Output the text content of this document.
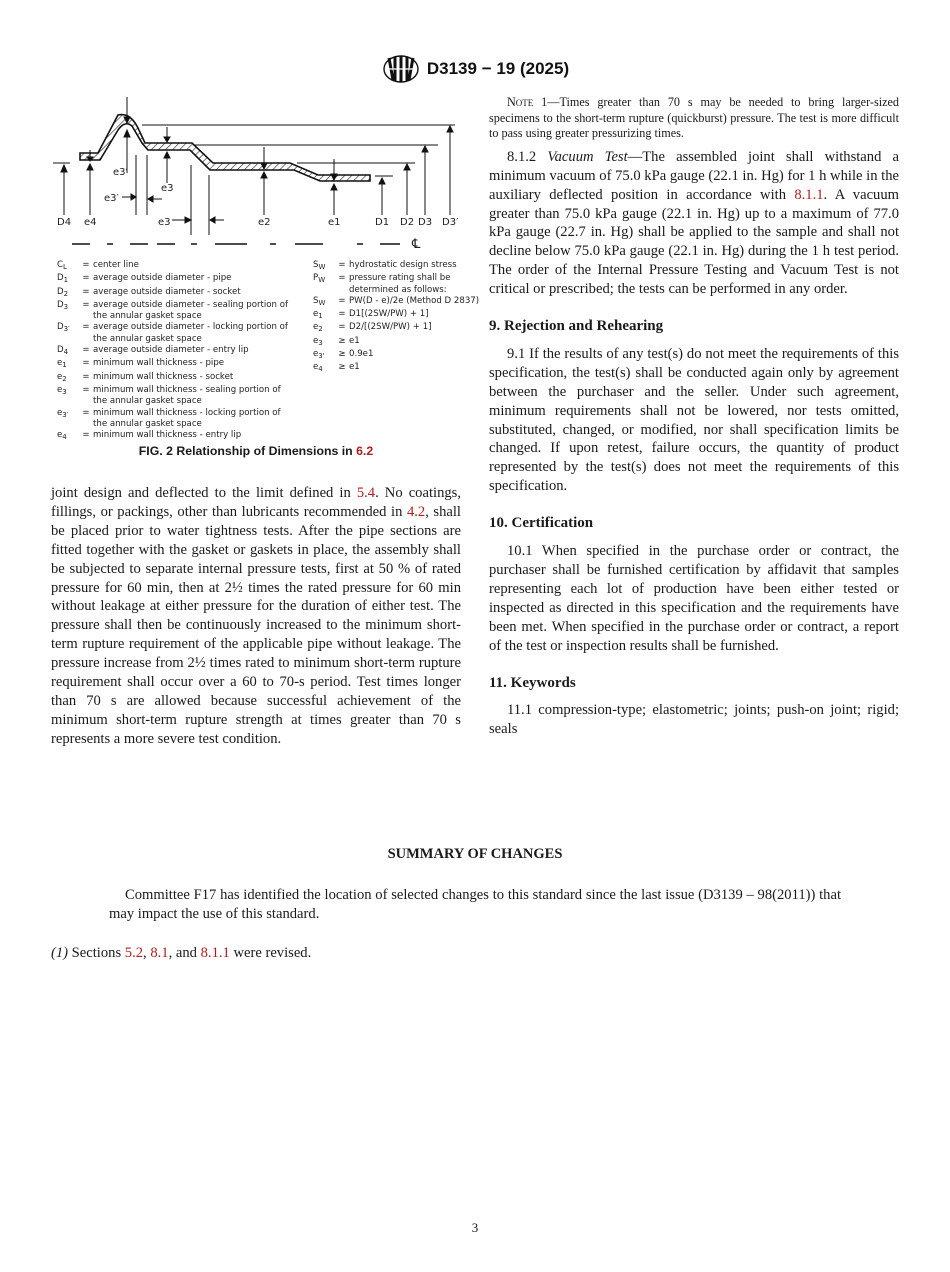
D3139 − 19 (2025)
e3′
e3
e3′
D4 e4	e3	e2	e1	D1 D2 D3 D3′
℄
$C_L$	= center line
$D_1$	= average outside diameter - pipe
$D_2$	= average outside diameter - socket
$D_3$	= average outside diameter - sealing portion of the annular gasket space
$D_{3'}$	= average outside diameter - locking portion of the annular gasket space
$D_4$	= average outside diameter - entry lip
$e_1$	= minimum wall thickness - pipe
$e_2$	= minimum wall thickness - socket
$e_3$	= minimum wall thickness - sealing portion of the annular gasket space
$e_{3'}$	= minimum wall thickness - locking portion of the annular gasket space
$e_4$	= minimum wall thickness - entry lip
$S_W$	= hydrostatic design stress
$P_W$	= pressure rating shall be determined as follows:
$S_W$	= PW(D - e)/2e (Method D 2837)
$e_1$	= D1[(2SW/PW) + 1]
$e_2$	= D2/[(2SW/PW) + 1]
$e_3$	≥ e1
$e_{3'}$	≥ 0.9e1
$e_4$	≥ e1
FIG. 2 Relationship of Dimensions in 6.2

joint design and deflected to the limit defined in 5.4. No coatings, fillings, or packings, other than lubricants recommended in 4.2, shall be placed prior to water tightness tests. After the pipe sections are fitted together with the gasket or gaskets in place, the assembly shall be subjected to separate internal pressure tests, first at 50 % of rated pressure for 60 min, then at 2½ times the rated pressure for 60 min without leakage at either pressure for the duration of either test. The pressure shall then be continuously increased to the minimum short-term rupture requirement of the applicable pipe without leakage. The pressure increase from 2½ times rated to minimum short-term rupture requirement shall occur over a 60 to 70-s period. Test times longer than 70 s are allowed because successful achievement of the minimum short-term rupture strength at times greater than 70 s represents a more severe test condition.

Note 1—Times greater than 70 s may be needed to bring larger-sized specimens to the short-term rupture (quickburst) pressure. The test is more difficult to pass using greater pressurizing times.

8.1.2 Vacuum Test—The assembled joint shall withstand a minimum vacuum of 75.0 kPa gauge (22.1 in. Hg) for 1 h while in the auxiliary deflected position in accordance with 8.1.1. A vacuum greater than 75.0 kPa gauge (22.1 in. Hg) up to a maximum of 77.0 kPa gauge (22.7 in. Hg) shall be applied to the sample and shall not decline below 75.0 kPa gauge (22.1 in. Hg) during the 1 h test period. The order of the Internal Pressure Testing and Vacuum Test is not critical or prescribed; the tests can be performed in any order.

9. Rejection and Rehearing

9.1 If the results of any test(s) do not meet the requirements of this specification, the test(s) shall be conducted again only by agreement between the purchaser and the seller. Under such agreement, minimum requirements shall not be lowered, nor tests omitted, substituted, changed, or modified, nor shall specification limits be changed. If upon retest, failure occurs, the quantity of product represented by the test(s) does not meet the requirements of this specification.

10. Certification

10.1 When specified in the purchase order or contract, the purchaser shall be furnished certification by affidavit that samples representing each lot of production have been either tested or inspected as directed in this specification and the requirements have been met. When specified in the purchase order or contract, a report of the test or inspection results shall be furnished.

11. Keywords

11.1 compression-type; elastometric; joints; push-on joint; rigid; seals

SUMMARY OF CHANGES
Committee F17 has identified the location of selected changes to this standard since the last issue (D3139 – 98(2011)) that may impact the use of this standard.
(1) Sections 5.2, 8.1, and 8.1.1 were revised.
3
